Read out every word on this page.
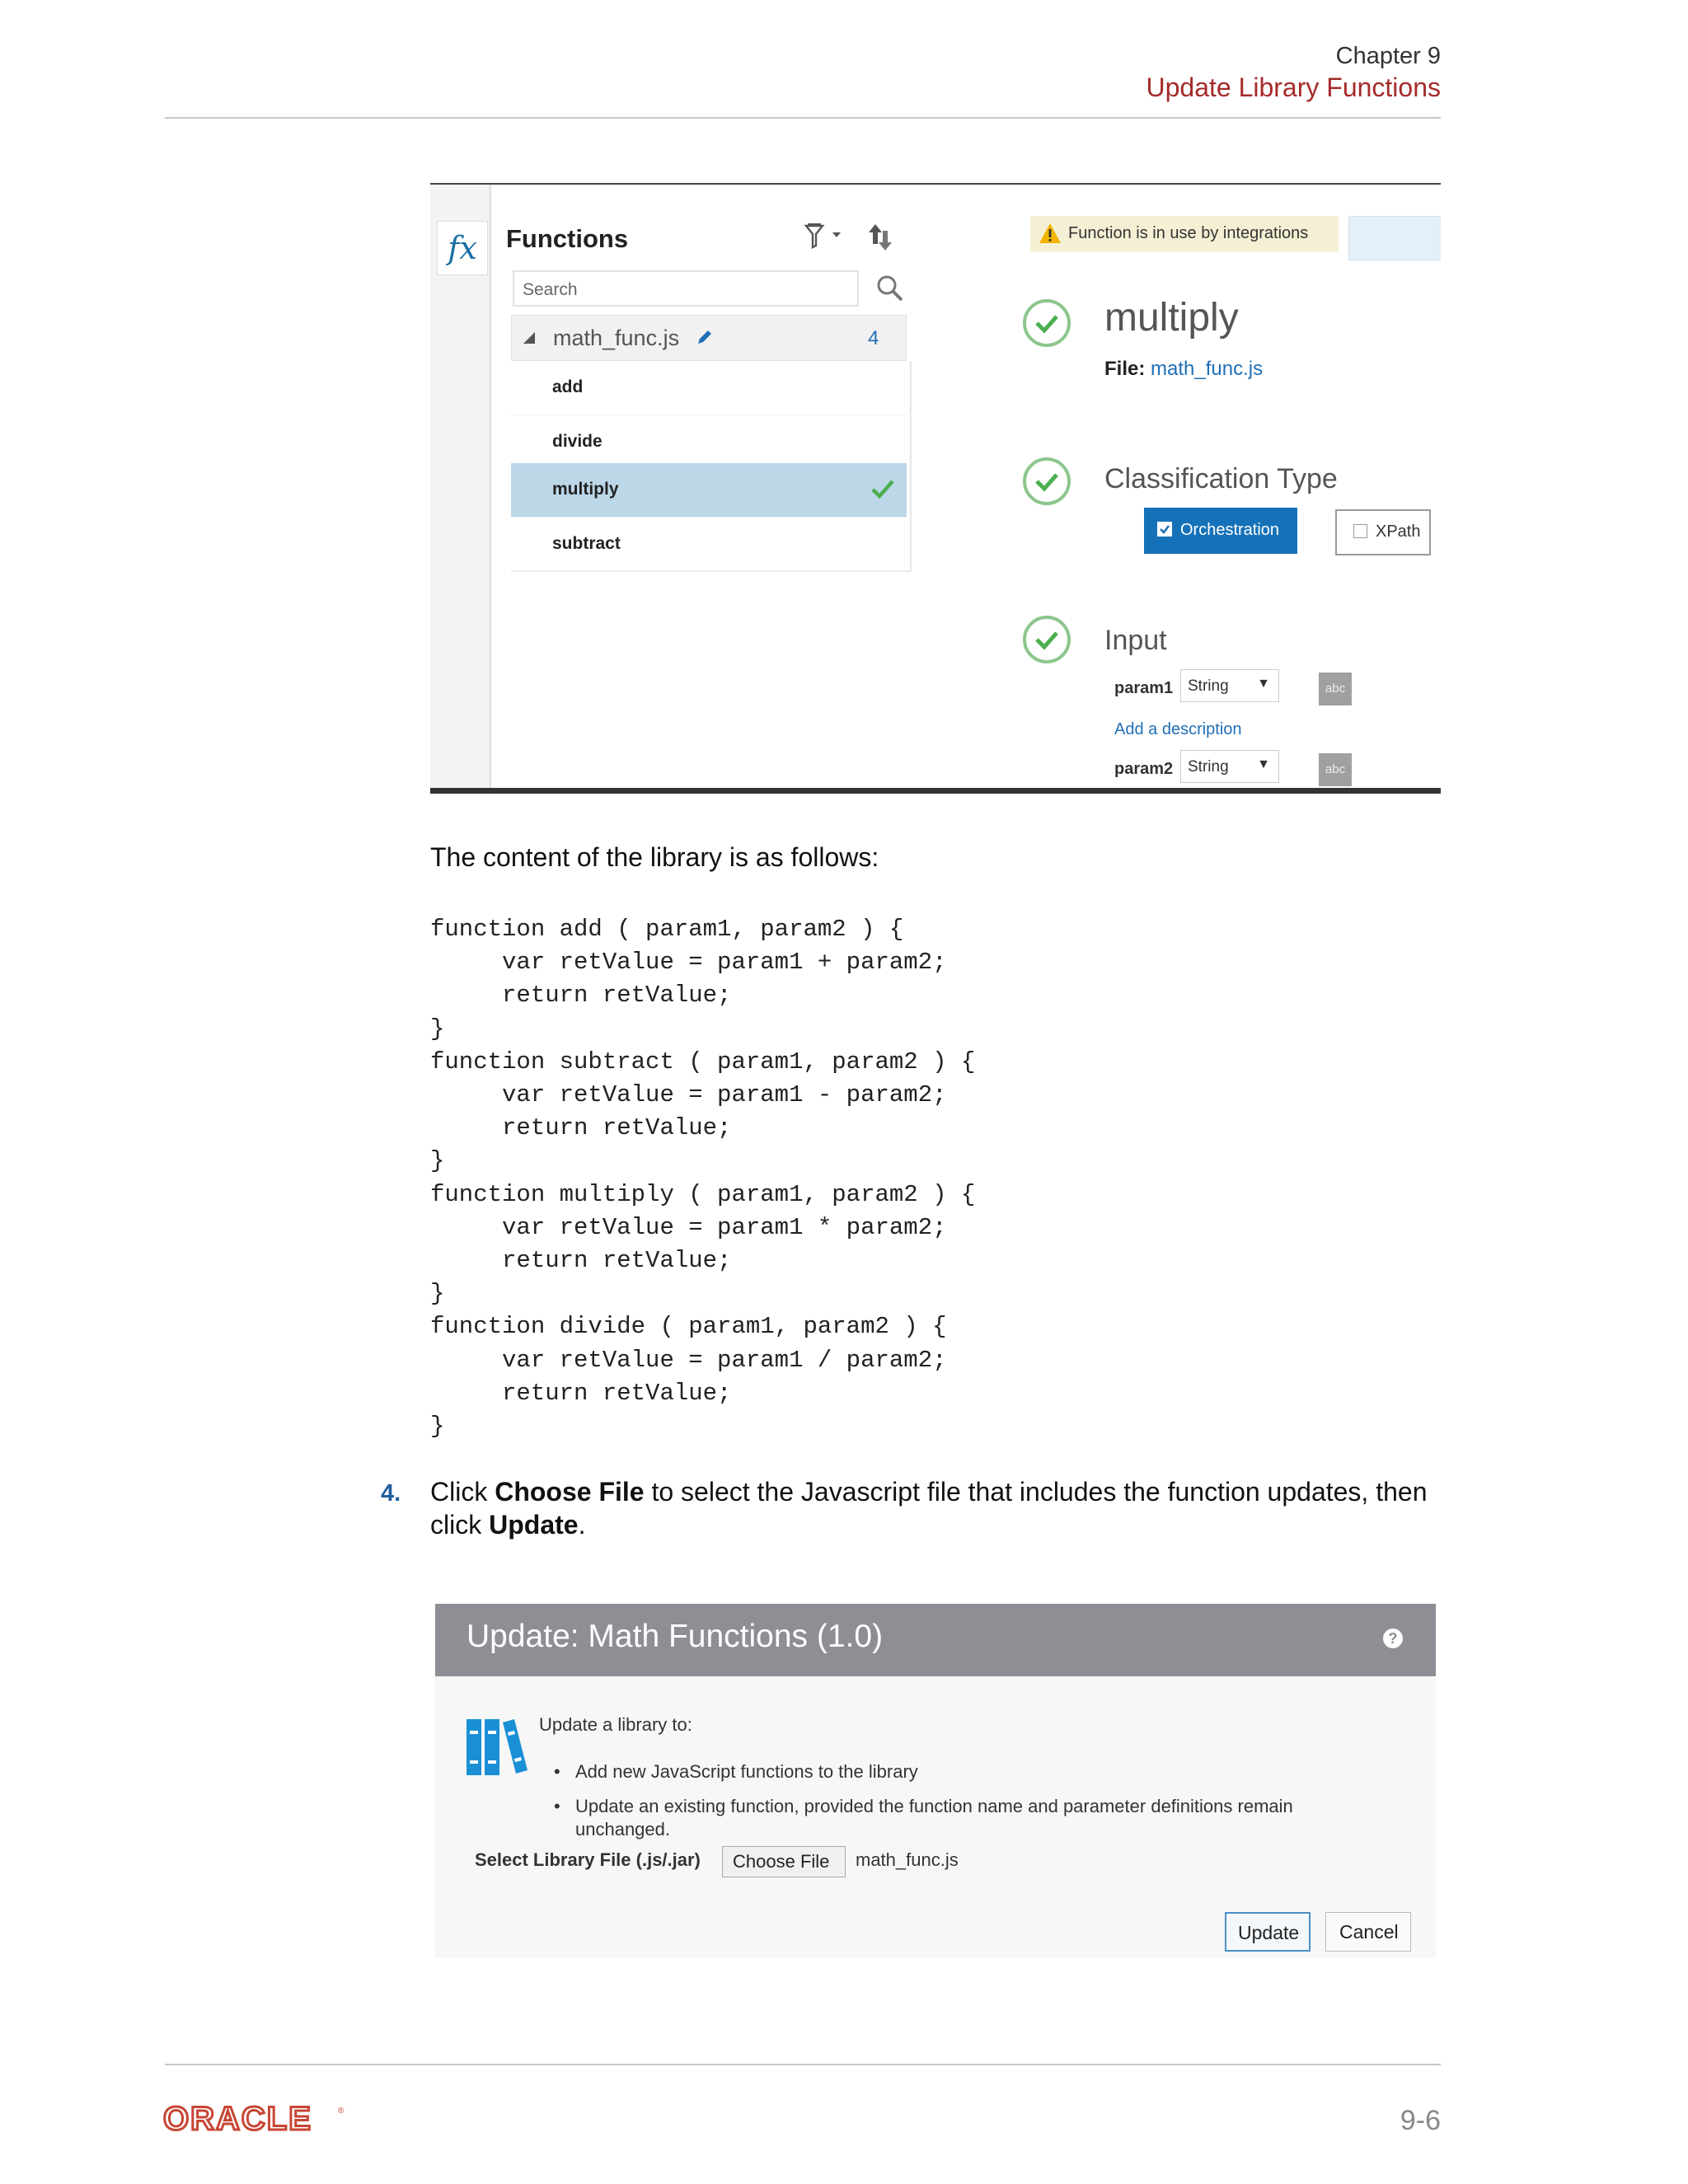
Chapter 9
Update Library Functions
𝑓x	Functions
Search
math_func.js	4
add
divide
multiply
subtract
Function is in use by integrations
multiply
File: math_func.js
Classification Type
Orchestration	XPath
Input
param1 String ▼	abc
Add a description
param2 String ▼	abc
The content of the library is as follows:
function add ( param1, param2 ) {
var retValue = param1 + param2;
return retValue;
}
function subtract ( param1, param2 ) {
var retValue = param1 - param2;
return retValue;
}
function multiply ( param1, param2 ) {
var retValue = param1 * param2;
return retValue;
}
function divide ( param1, param2 ) {
var retValue = param1 / param2;
return retValue;
}
4. Click Choose File to select the Javascript file that includes the function updates, then click Update.
Update: Math Functions (1.0)	?
Update a library to:
• Add new JavaScript functions to the library
• Update an existing function, provided the function name and parameter definitions remain unchanged.
Select Library File (.js/.jar)	Choose File	math_func.js
Update	Cancel
ORACLE	®	9-6
